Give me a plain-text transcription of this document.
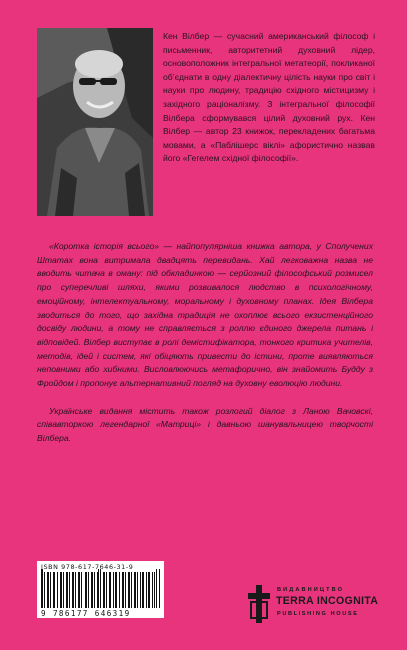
Кен Вілбер — сучасний американський філософ і письменник, авторитетний духовний лідер, основоположник інтегральної метатеорії, покликаної об’єднати в одну діалектичну цілість науки про світ і науки про людину, традицію східного містицизму і західного раціоналізму. З інтегральної філософії Вілбера сформувався цілий духовний рух. Кен Вілбер — автор 23 книжок, перекладених багатьма мовами, а «Паблішерс віклі» афористично назвав його «Гегелем східної філософії».

«Коротка історія всього» — найпопулярніша книжка автора, у Сполучених Штатах вона витримала двадцять перевидань. Хай легковажна назва не вводить читача в оману: під обкладинкою — серйозний філософський розмисел про суперечливі шляхи, якими розвивалося людство в психологічному, емоційному, інтелектуальному, моральному і духовному планах. Ідея Вілбера зводиться до того, що західна традиція не охоплює всього екзистенційного досвіду людини, а тому не справляється з роллю єдиного джерела питань і відповідей. Вілбер виступає в ролі деміcтифікатора, тонкого критика учителів, методів, ідей і систем, які обіцяють привести до істини, проте виявляються неповними або хибними. Висловлюючись метафорично, він знайомить Будду з Фройдом і пропонує альтернативний погляд на духовну еволюцію людини.

Українське видання містить також розлогий діалог з Ланою Вачовскі, співавторкою легендарної «Матриці» і давньою шанувальницею творчості Вілбера.

ISBN 978-617-7646-31-9
9 786177 646319
ВИДАВНИЦТВО
TERRA INCOGNITA
PUBLISHING HOUSE
